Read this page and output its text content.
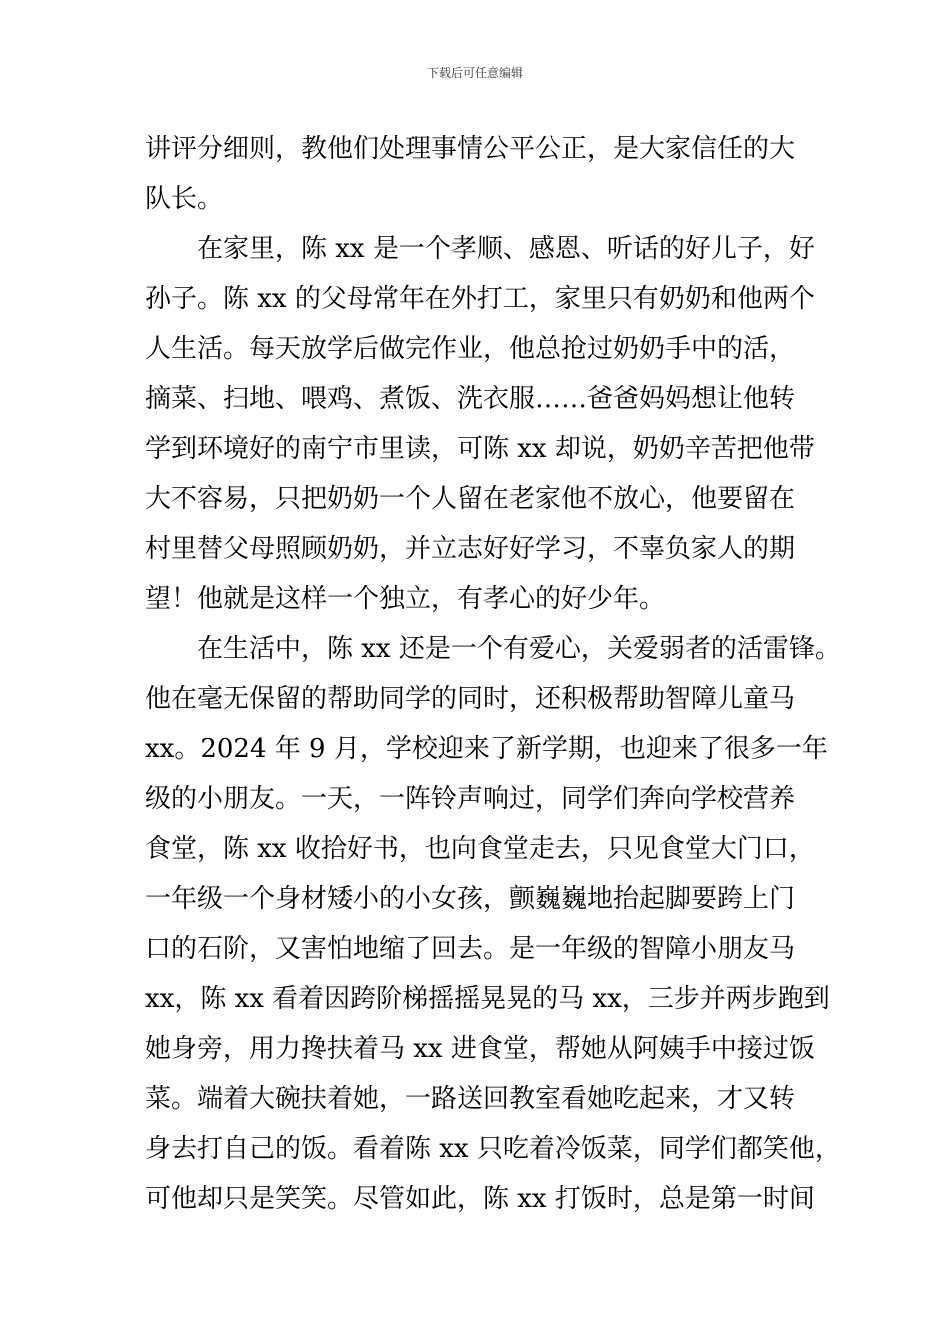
下载后可任意编辑

讲评分细则，教他们处理事情公平公正，是大家信任的大
队长。

在家里，陈 xx 是一个孝顺、感恩、听话的好儿子，好
孙子。陈 xx 的父母常年在外打工，家里只有奶奶和他两个
人生活。每天放学后做完作业，他总抢过奶奶手中的活，
摘菜、扫地、喂鸡、煮饭、洗衣服……爸爸妈妈想让他转
学到环境好的南宁市里读，可陈 xx 却说，奶奶辛苦把他带
大不容易，只把奶奶一个人留在老家他不放心，他要留在
村里替父母照顾奶奶，并立志好好学习，不辜负家人的期
望！他就是这样一个独立，有孝心的好少年。

在生活中，陈 xx 还是一个有爱心，关爱弱者的活雷锋。
他在毫无保留的帮助同学的同时，还积极帮助智障儿童马
xx。2024 年 9 月，学校迎来了新学期，也迎来了很多一年
级的小朋友。一天，一阵铃声响过，同学们奔向学校营养
食堂，陈 xx 收拾好书，也向食堂走去，只见食堂大门口，
一年级一个身材矮小的小女孩，颤巍巍地抬起脚要跨上门
口的石阶，又害怕地缩了回去。是一年级的智障小朋友马
xx，陈 xx 看着因跨阶梯摇摇晃晃的马 xx，三步并两步跑到
她身旁，用力搀扶着马 xx 进食堂，帮她从阿姨手中接过饭
菜。端着大碗扶着她，一路送回教室看她吃起来，才又转
身去打自己的饭。看着陈 xx 只吃着冷饭菜，同学们都笑他，
可他却只是笑笑。尽管如此，陈 xx 打饭时，总是第一时间
